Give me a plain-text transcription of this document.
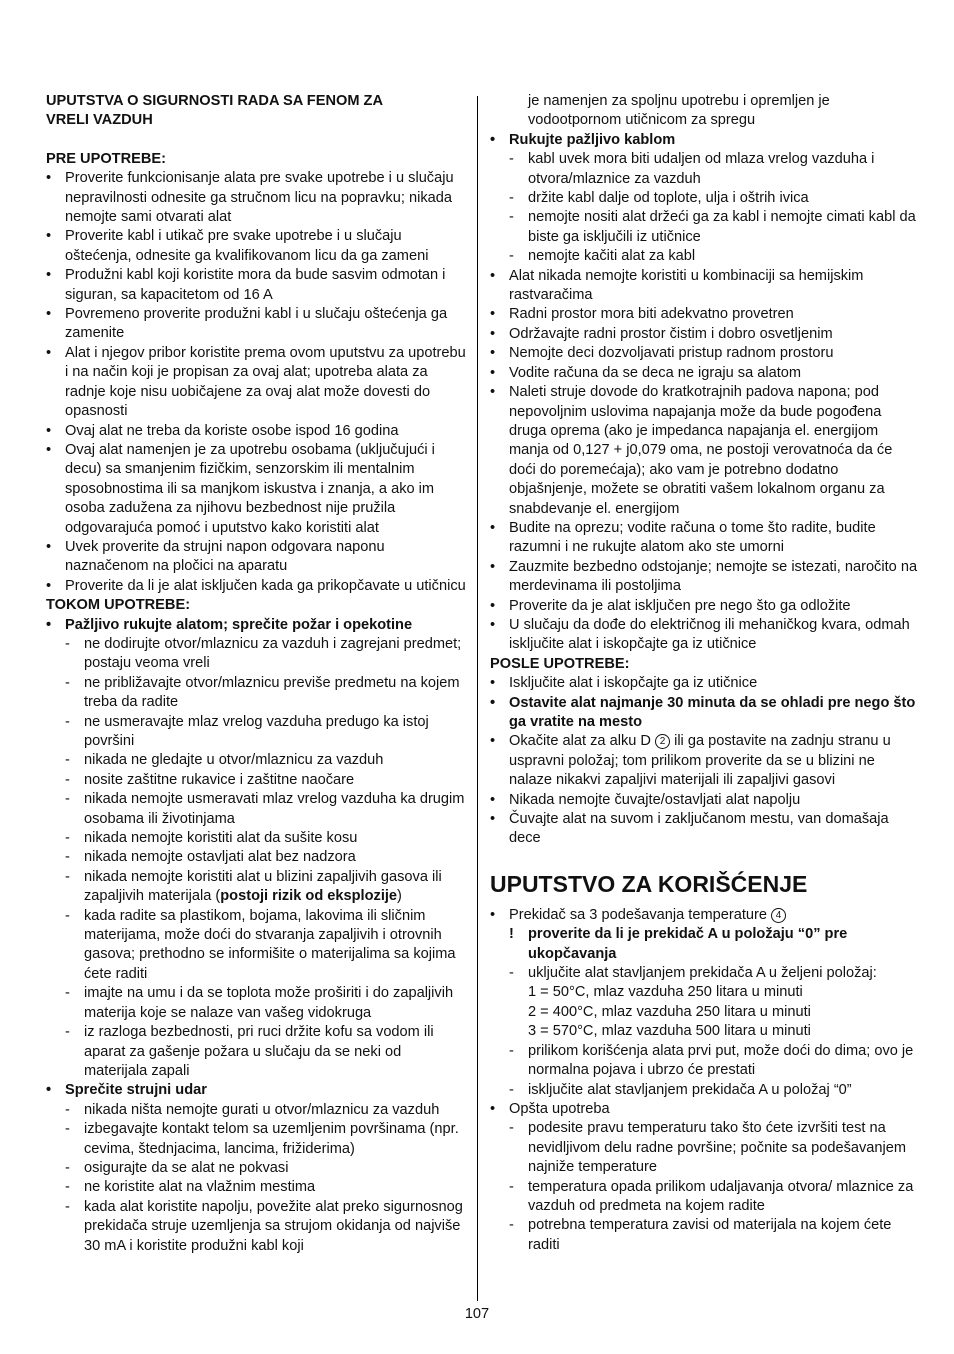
UPUTSTVA O SIGURNOSTI RADA SA FENOM ZA
VRELI VAZDUH

PRE UPOTREBE:

• Proverite funkcionisanje alata pre svake upotrebe i u slučaju nepravilnosti odnesite ga stručnom licu na popravku; nikada nemojte sami otvarati alat
• Proverite kabl i utikač pre svake upotrebe i u slučaju oštećenja, odnesite ga kvalifikovanom licu da ga zameni
• Produžni kabl koji koristite mora da bude sasvim odmotan i siguran, sa kapacitetom od 16 A
• Povremeno proverite produžni kabl i u slučaju oštećenja ga zamenite
• Alat i njegov pribor koristite prema ovom uputstvu za upotrebu i na način koji je propisan za ovaj alat; upotreba alata za radnje koje nisu uobičajene za ovaj alat može dovesti do opasnosti
• Ovaj alat ne treba da koriste osobe ispod 16 godina
• Ovaj alat namenjen je za upotrebu osobama (uključujući i decu) sa smanjenim fizičkim, senzorskim ili mentalnim sposobnostima ili sa manjkom iskustva i znanja, a ako im osoba zadužena za njihovu bezbednost nije pružila odgovarajuća pomoć i uputstvo kako koristiti alat
• Uvek proverite da strujni napon odgovara naponu naznačenom na pločici na aparatu
• Proverite da li je alat isključen kada ga prikopčavate u utičnicu

TOKOM UPOTREBE:

• Pažljivo rukujte alatom; sprečite požar i opekotine
- ne dodirujte otvor/mlaznicu za vazduh i zagrejani predmet; postaju veoma vreli
- ne približavajte otvor/mlaznicu previše predmetu na kojem treba da radite
- ne usmeravajte mlaz vrelog vazduha predugo ka istoj površini
- nikada ne gledajte u otvor/mlaznicu za vazduh
- nosite zaštitne rukavice i zaštitne naočare
- nikada nemojte usmeravati mlaz vrelog vazduha ka drugim osobama ili životinjama
- nikada nemojte koristiti alat da sušite kosu
- nikada nemojte ostavljati alat bez nadzora
- nikada nemojte koristiti alat u blizini zapaljivih gasova ili zapaljivih materijala (postoji rizik od eksplozije)
- kada radite sa plastikom, bojama, lakovima ili sličnim materijama, može doći do stvaranja zapaljivih i otrovnih gasova; prethodno se informišite o materijalima sa kojima ćete raditi
- imajte na umu i da se toplota može proširiti i do zapaljivih materija koje se nalaze van vašeg vidokruga
- iz razloga bezbednosti, pri ruci držite kofu sa vodom ili aparat za gašenje požara u slučaju da se neki od materijala zapali
• Sprečite strujni udar
- nikada ništa nemojte gurati u otvor/mlaznicu za vazduh
- izbegavajte kontakt telom sa uzemljenim površinama (npr. cevima, štednjacima, lancima, frižiderima)
- osigurajte da se alat ne pokvasi
- ne koristite alat na vlažnim mestima
- kada alat koristite napolju, povežite alat preko sigurnosnog prekidača struje uzemljenja sa strujom okidanja od najviše 30 mA i koristite produžni kabl koji

je namenjen za spoljnu upotrebu i opremljen je vodootpornom utičnicom za spregu

• Rukujte pažljivo kablom
- kabl uvek mora biti udaljen od mlaza vrelog vazduha i otvora/mlaznice za vazduh
- držite kabl dalje od toplote, ulja i oštrih ivica
- nemojte nositi alat držeći ga za kabl i nemojte cimati kabl da biste ga isključili iz utičnice
- nemojte kačiti alat za kabl
• Alat nikada nemojte koristiti u kombinaciji sa hemijskim rastvaračima
• Radni prostor mora biti adekvatno provetren
• Održavajte radni prostor čistim i dobro osvetljenim
• Nemojte deci dozvoljavati pristup radnom prostoru
• Vodite računa da se deca ne igraju sa alatom
• Naleti struje dovode do kratkotrajnih padova napona; pod nepovoljnim uslovima napajanja može da bude pogođena druga oprema (ako je impedanca napajanja el. energijom manja od 0,127 + j0,079 oma, ne postoji verovatnoća da će doći do poremećaja); ako vam je potrebno dodatno objašnjenje, možete se obratiti vašem lokalnom organu za snabdevanje el. energijom
• Budite na oprezu; vodite računa o tome što radite, budite razumni i ne rukujte alatom ako ste umorni
• Zauzmite bezbedno odstojanje; nemojte se istezati, naročito na merdevinama ili postoljima
• Proverite da je alat isključen pre nego što ga odložite
• U slučaju da dođe do električnog ili mehaničkog kvara, odmah isključite alat i iskopčajte ga iz utičnice

POSLE UPOTREBE:

• Isključite alat i iskopčajte ga iz utičnice
• Ostavite alat najmanje 30 minuta da se ohladi pre nego što ga vratite na mesto
• Okačite alat za alku D 2 ili ga postavite na zadnju stranu u uspravni položaj; tom prilikom proverite da se u blizini ne nalaze nikakvi zapaljivi materijali ili zapaljivi gasovi
• Nikada nemojte čuvajte/ostavljati alat napolju
• Čuvajte alat na suvom i zaključanom mestu, van domašaja dece
UPUTSTVO ZA KORIŠĆENJE
• Prekidač sa 3 podešavanja temperature 4
! proverite da li je prekidač A u položaju “0” pre ukopčavanja
- uključite alat stavljanjem prekidača A u željeni položaj:
1 = 50°C, mlaz vazduha 250 litara u minuti
2 = 400°C, mlaz vazduha 250 litara u minuti
3 = 570°C, mlaz vazduha 500 litara u minuti
- prilikom korišćenja alata prvi put, može doći do dima; ovo je normalna pojava i ubrzo će prestati
- isključite alat stavljanjem prekidača A u položaj “0”
• Opšta upotreba
- podesite pravu temperaturu tako što ćete izvršiti test na nevidljivom delu radne površine; počnite sa podešavanjem najniže temperature
- temperatura opada prilikom udaljavanja otvora/ mlaznice za vazduh od predmeta na kojem radite
- potrebna temperatura zavisi od materijala na kojem ćete raditi
107
